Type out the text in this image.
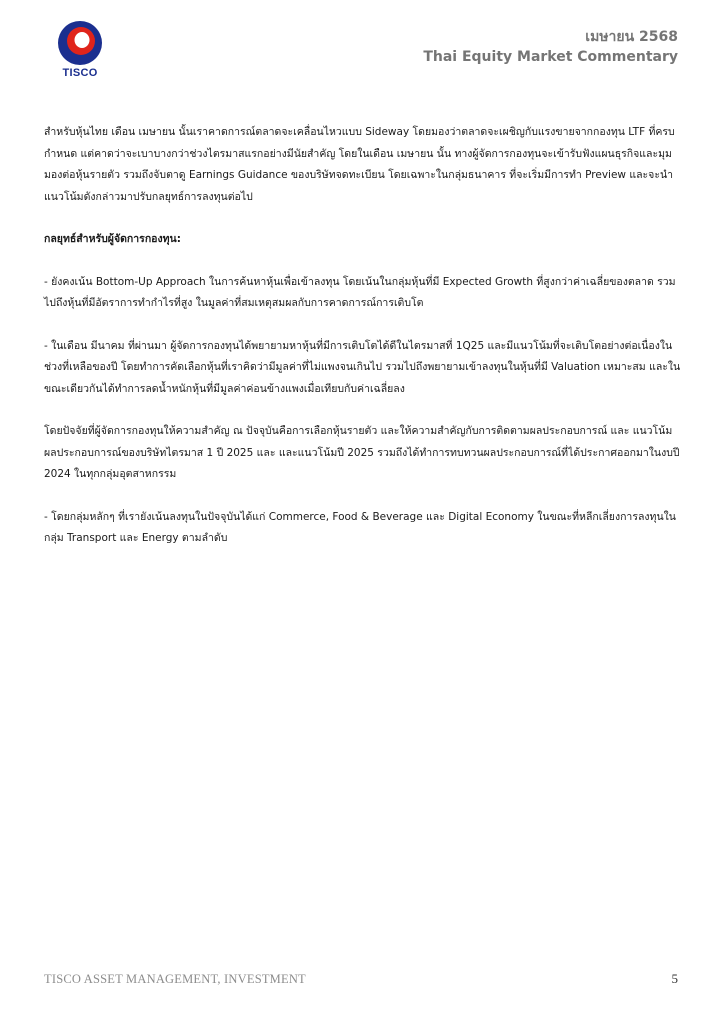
TISCO
เมษายน 2568
Thai Equity Market Commentary

สำหรับหุ้นไทย เดือน เมษายน นั้นเราคาดการณ์ตลาดจะเคลื่อนไหวแบบ Sideway โดยมองว่าตลาดจะเผชิญกับแรงขายจากกองทุน LTF ที่ครบกำหนด แต่คาดว่าจะเบาบางกว่าช่วงไตรมาสแรกอย่างมีนัยสำคัญ โดยในเดือน เมษายน นั้น ทางผู้จัดการกองทุนจะเข้ารับฟังแผนธุรกิจและมุมมองต่อหุ้นรายตัว รวมถึงจับตาดู Earnings Guidance ของบริษัทจดทะเบียน โดยเฉพาะในกลุ่มธนาคาร ที่จะเริ่มมีการทำ Preview และจะนำแนวโน้มดังกล่าวมาปรับกลยุทธ์การลงทุนต่อไป

กลยุทธ์สำหรับผู้จัดการกองทุน:

- ยังคงเน้น Bottom-Up Approach ในการค้นหาหุ้นเพื่อเข้าลงทุน โดยเน้นในกลุ่มหุ้นที่มี Expected Growth ที่สูงกว่าค่าเฉลี่ยของตลาด รวมไปถึงหุ้นที่มีอัตราการทำกำไรที่สูง ในมูลค่าที่สมเหตุสมผลกับการคาดการณ์การเติบโต

- ในเดือน มีนาคม ที่ผ่านมา ผู้จัดการกองทุนได้พยายามหาหุ้นที่มีการเติบโตได้ดีในไตรมาสที่ 1Q25 และมีแนวโน้มที่จะเติบโตอย่างต่อเนื่องในช่วงที่เหลือของปี โดยทำการคัดเลือกหุ้นที่เราคิดว่ามีมูลค่าที่ไม่แพงจนเกินไป รวมไปถึงพยายามเข้าลงทุนในหุ้นที่มี Valuation เหมาะสม และในขณะเดียวกันได้ทำการลดน้ำหนักหุ้นที่มีมูลค่าค่อนข้างแพงเมื่อเทียบกับค่าเฉลี่ยลง

โดยปัจจัยที่ผู้จัดการกองทุนให้ความสำคัญ ณ ปัจจุบันคือการเลือกหุ้นรายตัว และให้ความสำคัญกับการติดตามผลประกอบการณ์ และ แนวโน้มผลประกอบการณ์ของบริษัทไตรมาส 1 ปี 2025 และ และแนวโน้มปี 2025 รวมถึงได้ทำการทบทวนผลประกอบการณ์ที่ได้ประกาศออกมาในงบปี 2024 ในทุกกลุ่มอุตสาหกรรม

- โดยกลุ่มหลักๆ ที่เรายังเน้นลงทุนในปัจจุบันได้แก่ Commerce, Food & Beverage และ Digital Economy ในขณะที่หลีกเลี่ยงการลงทุนในกลุ่ม Transport และ Energy ตามลำดับ

TISCO ASSET MANAGEMENT, INVESTMENT	5
